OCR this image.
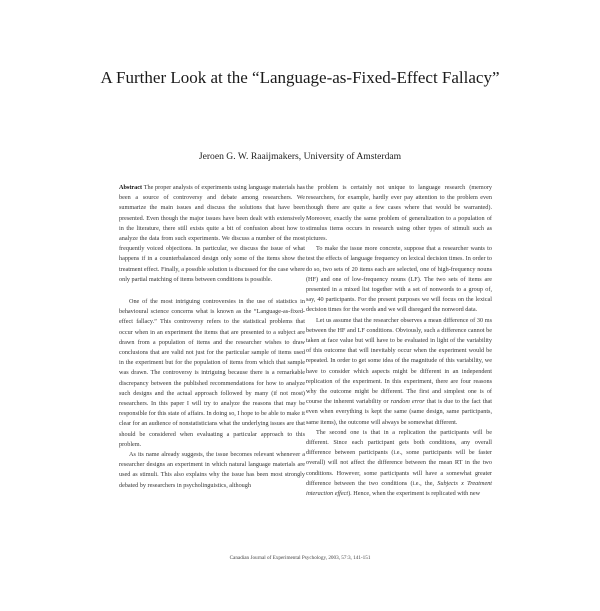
A Further Look at the “Language-as-Fixed-Effect Fallacy”
Jeroen G. W. Raaijmakers, University of Amsterdam

Abstract The proper analysis of experiments using language materials has been a source of controversy and debate among researchers. We summarize the main issues and discuss the solutions that have been presented. Even though the major issues have been dealt with extensively in the literature, there still exists quite a bit of confusion about how to analyze the data from such experiments. We discuss a number of the most frequently voiced objections. In particular, we discuss the issue of what happens if in a counterbalanced design only some of the items show the treatment effect. Finally, a possible solution is discussed for the case where only partial matching of items between conditions is possible.

One of the most intriguing controversies in the use of statistics in behavioural science concerns what is known as the “Language-as-fixed-effect fallacy.” This controversy refers to the statistical problems that occur when in an experiment the items that are presented to a subject are drawn from a population of items and the researcher wishes to draw conclusions that are valid not just for the particular sample of items used in the experiment but for the population of items from which that sample was drawn. The controversy is intriguing because there is a remarkable discrepancy between the published recommendations for how to analyze such designs and the actual approach followed by many (if not most) researchers. In this paper I will try to analyze the reasons that may be responsible for this state of affairs. In doing so, I hope to be able to make it clear for an audience of nonstatisticians what the underlying issues are that should be considered when evaluating a particular approach to this problem.

As its name already suggests, the issue becomes relevant whenever a researcher designs an experiment in which natural language materials are used as stimuli. This also explains why the issue has been most strongly debated by researchers in psycholinguistics, although

the problem is certainly not unique to language research (memory researchers, for example, hardly ever pay attention to the problem even though there are quite a few cases where that would be warranted). Moreover, exactly the same problem of generalization to a population of stimulus items occurs in research using other types of stimuli such as pictures.

To make the issue more concrete, suppose that a researcher wants to test the effects of language frequency on lexical decision times. In order to do so, two sets of 20 items each are selected, one of high-frequency nouns (HF) and one of low-frequency nouns (LF). The two sets of items are presented in a mixed list together with a set of nonwords to a group of, say, 40 participants. For the present purposes we will focus on the lexical decision times for the words and we will disregard the nonword data.

Let us assume that the researcher observes a mean difference of 30 ms between the HF and LF conditions. Obviously, such a difference cannot be taken at face value but will have to be evaluated in light of the variability of this outcome that will inevitably occur when the experiment would be repeated. In order to get some idea of the magnitude of this variability, we have to consider which aspects might be different in an independent replication of the experiment. In this experiment, there are four reasons why the outcome might be different. The first and simplest one is of course the inherent variability or random error that is due to the fact that even when everything is kept the same (same design, same participants, same items), the outcome will always be somewhat different.

The second one is that in a replication the participants will be different. Since each participant gets both conditions, any overall difference between participants (i.e., some participants will be faster overall) will not affect the difference between the mean RT in the two conditions. However, some participants will have a somewhat greater difference between the two conditions (i.e., the, Subjects x Treatment interaction effect). Hence, when the experiment is replicated with new

Canadian Journal of Experimental Psychology, 2003, 57:3, 141-151
